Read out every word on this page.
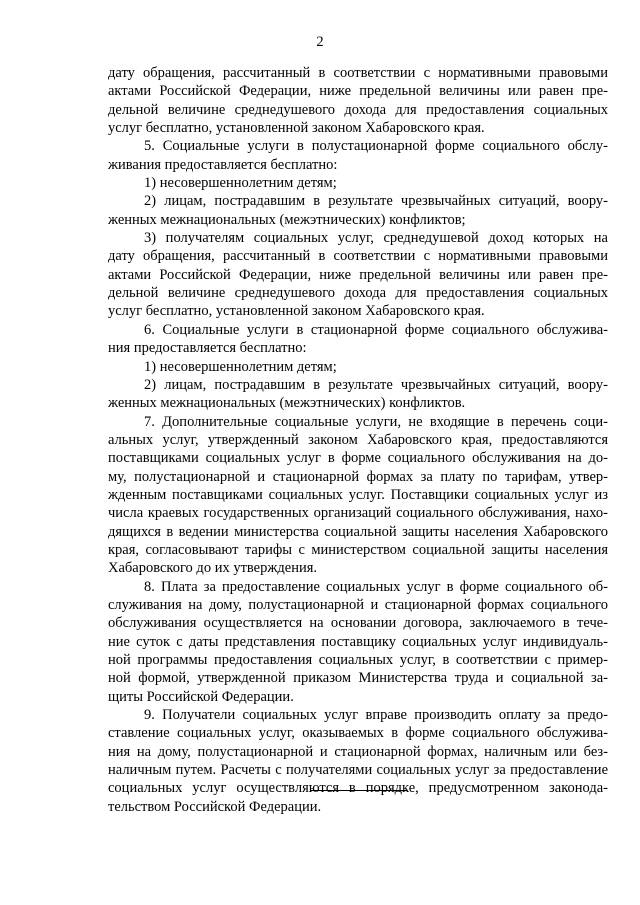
2
дату обращения, рассчитанный в соответствии с нормативными правовыми
актами Российской Федерации, ниже предельной величины или равен пре-
дельной величине среднедушевого дохода для предоставления социальных
услуг бесплатно, установленной законом Хабаровского края.
5. Социальные услуги в полустационарной форме социального обслу-
живания предоставляется бесплатно:
1) несовершеннолетним детям;
2) лицам, пострадавшим в результате чрезвычайных ситуаций, воору-
женных межнациональных (межэтнических) конфликтов;
3) получателям социальных услуг, среднедушевой доход которых на
дату обращения, рассчитанный в соответствии с нормативными правовыми
актами Российской Федерации, ниже предельной величины или равен пре-
дельной величине среднедушевого дохода для предоставления социальных
услуг бесплатно, установленной законом Хабаровского края.
6. Социальные услуги в стационарной форме социального обслужива-
ния предоставляется бесплатно:
1) несовершеннолетним детям;
2) лицам, пострадавшим в результате чрезвычайных ситуаций, воору-
женных межнациональных (межэтнических) конфликтов.
7. Дополнительные социальные услуги, не входящие в перечень соци-
альных услуг, утвержденный законом Хабаровского края, предоставляются
поставщиками социальных услуг в форме социального обслуживания на до-
му, полустационарной и стационарной формах за плату по тарифам, утвер-
жденным поставщиками социальных услуг. Поставщики социальных услуг из
числа краевых государственных организаций социального обслуживания, нахо-
дящихся в ведении министерства социальной защиты населения Хабаровского
края, согласовывают тарифы с министерством социальной защиты населения
Хабаровского до их утверждения.
8. Плата за предоставление социальных услуг в форме социального об-
служивания на дому, полустационарной и стационарной формах социального
обслуживания осуществляется на основании договора, заключаемого в тече-
ние суток с даты представления поставщику социальных услуг индивидуаль-
ной программы предоставления социальных услуг, в соответствии с пример-
ной формой, утвержденной приказом Министерства труда и социальной за-
щиты Российской Федерации.
9. Получатели социальных услуг вправе производить оплату за предо-
ставление социальных услуг, оказываемых в форме социального обслужива-
ния на дому, полустационарной и стационарной формах, наличным или без-
наличным путем. Расчеты с получателями социальных услуг за предоставление
социальных услуг осуществляются в порядке, предусмотренном законода-
тельством Российской Федерации.
